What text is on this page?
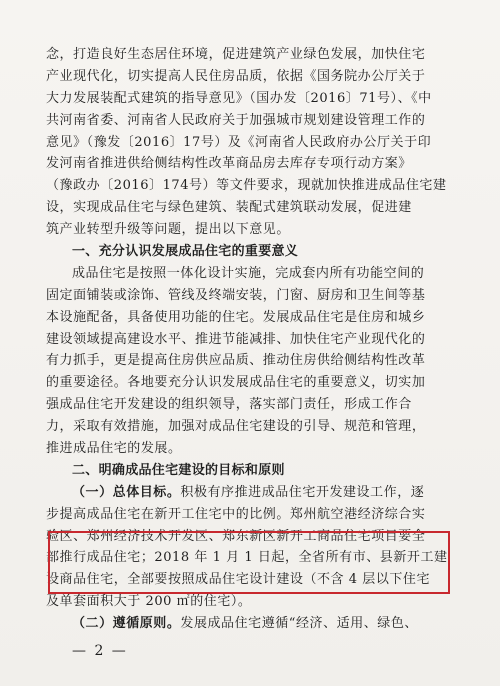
念，打造良好生态居住环境，促进建筑产业绿色发展，加快住宅
产业现代化，切实提高人民住房品质，依据《国务院办公厅关于
大力发展装配式建筑的指导意见》（国办发〔2016〕71号）、《中
共河南省委、河南省人民政府关于加强城市规划建设管理工作的
意见》（豫发〔2016〕17号）及《河南省人民政府办公厅关于印
发河南省推进供给侧结构性改革商品房去库存专项行动方案》
（豫政办〔2016〕174号）等文件要求，现就加快推进成品住宅建
设，实现成品住宅与绿色建筑、装配式建筑联动发展，促进建
筑产业转型升级等问题，提出以下意见。
一、充分认识发展成品住宅的重要意义
成品住宅是按照一体化设计实施，完成套内所有功能空间的
固定面铺装或涂饰、管线及终端安装，门窗、厨房和卫生间等基
本设施配备，具备使用功能的住宅。发展成品住宅是住房和城乡
建设领域提高建设水平、推进节能减排、加快住宅产业现代化的
有力抓手，更是提高住房供应品质、推动住房供给侧结构性改革
的重要途径。各地要充分认识发展成品住宅的重要意义，切实加
强成品住宅开发建设的组织领导，落实部门责任，形成工作合
力，采取有效措施，加强对成品住宅建设的引导、规范和管理，
推进成品住宅的发展。
二、明确成品住宅建设的目标和原则
（一）总体目标。积极有序推进成品住宅开发建设工作，逐
步提高成品住宅在新开工住宅中的比例。郑州航空港经济综合实
验区、郑州经济技术开发区、郑东新区新开工商品住宅项目要全
部推行成品住宅；2018 年 1 月 1 日起，全省所有市、县新开工建
设商品住宅，全部要按照成品住宅设计建设（不含 4 层以下住宅
及单套面积大于 200 ㎡的住宅）。
（二）遵循原则。发展成品住宅遵循“经济、适用、绿色、
— 2 —
